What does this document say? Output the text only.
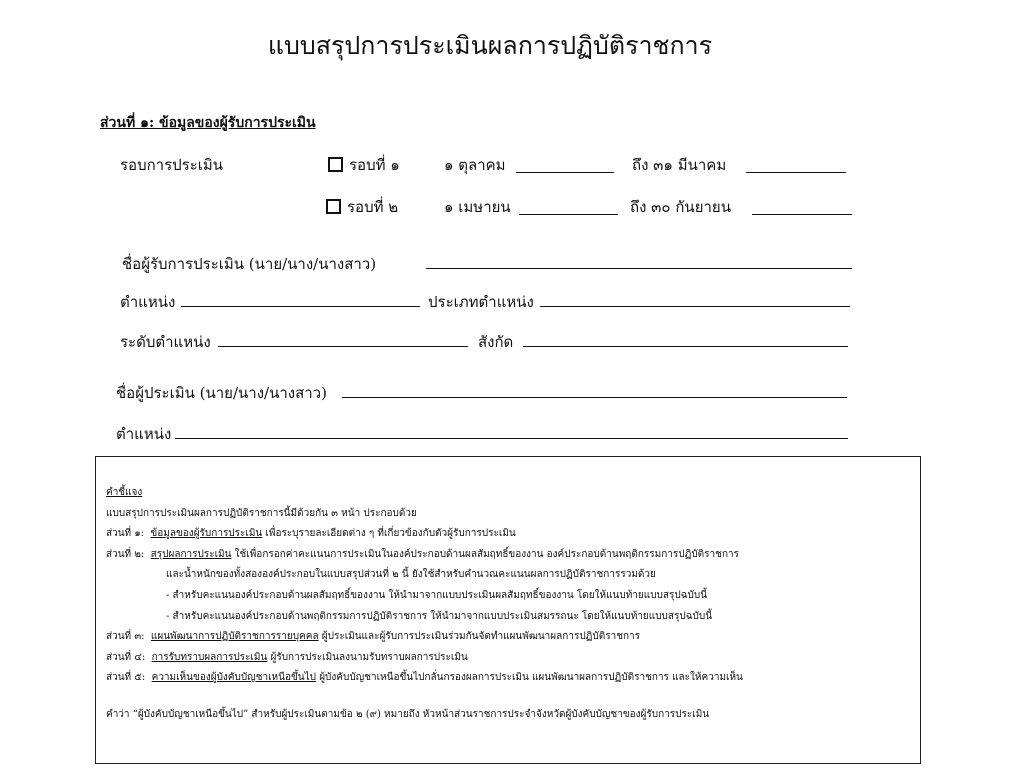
แบบสรุปการประเมินผลการปฏิบัติราชการ
ส่วนที่ ๑: ข้อมูลของผู้รับการประเมิน
รอบการประเมิน	รอบที่ ๑	๑ ตุลาคม	ถึง ๓๑ มีนาคม
รอบที่ ๒	๑ เมษายน	ถึง ๓๐ กันยายน
ชื่อผู้รับการประเมิน (นาย/นาง/นางสาว)
ตำแหน่ง	ประเภทตำแหน่ง
ระดับตำแหน่ง	สังกัด
ชื่อผู้ประเมิน (นาย/นาง/นางสาว)
ตำแหน่ง
คำชี้แจง
แบบสรุปการประเมินผลการปฏิบัติราชการนี้มีด้วยกัน ๓ หน้า ประกอบด้วย
ส่วนที่ ๑: ข้อมูลของผู้รับการประเมิน เพื่อระบุรายละเอียดต่าง ๆ ที่เกี่ยวข้องกับตัวผู้รับการประเมิน
ส่วนที่ ๒: สรุปผลการประเมิน ใช้เพื่อกรอกค่าคะแนนการประเมินในองค์ประกอบด้านผลสัมฤทธิ์ของงาน องค์ประกอบด้านพฤติกรรมการปฏิบัติราชการ
และน้ำหนักของทั้งสององค์ประกอบในแบบสรุปส่วนที่ ๒ นี้ ยังใช้สำหรับคำนวณคะแนนผลการปฏิบัติราชการรวมด้วย
- สำหรับคะแนนองค์ประกอบด้านผลสัมฤทธิ์ของงาน ให้นำมาจากแบบประเมินผลสัมฤทธิ์ของงาน โดยให้แนบท้ายแบบสรุปฉบับนี้
- สำหรับคะแนนองค์ประกอบด้านพฤติกรรมการปฏิบัติราชการ ให้นำมาจากแบบประเมินสมรรถนะ โดยให้แนบท้ายแบบสรุปฉบับนี้
ส่วนที่ ๓: แผนพัฒนาการปฏิบัติราชการรายบุคคล ผู้ประเมินและผู้รับการประเมินร่วมกันจัดทำแผนพัฒนาผลการปฏิบัติราชการ
ส่วนที่ ๔: การรับทราบผลการประเมิน ผู้รับการประเมินลงนามรับทราบผลการประเมิน
ส่วนที่ ๕: ความเห็นของผู้บังคับบัญชาเหนือขึ้นไป ผู้บังคับบัญชาเหนือขึ้นไปกลั่นกรองผลการประเมิน แผนพัฒนาผลการปฏิบัติราชการ และให้ความเห็น
คำว่า “ผู้บังคับบัญชาเหนือขึ้นไป” สำหรับผู้ประเมินตามข้อ ๒ (๙) หมายถึง หัวหน้าส่วนราชการประจำจังหวัดผู้บังคับบัญชาของผู้รับการประเมิน
